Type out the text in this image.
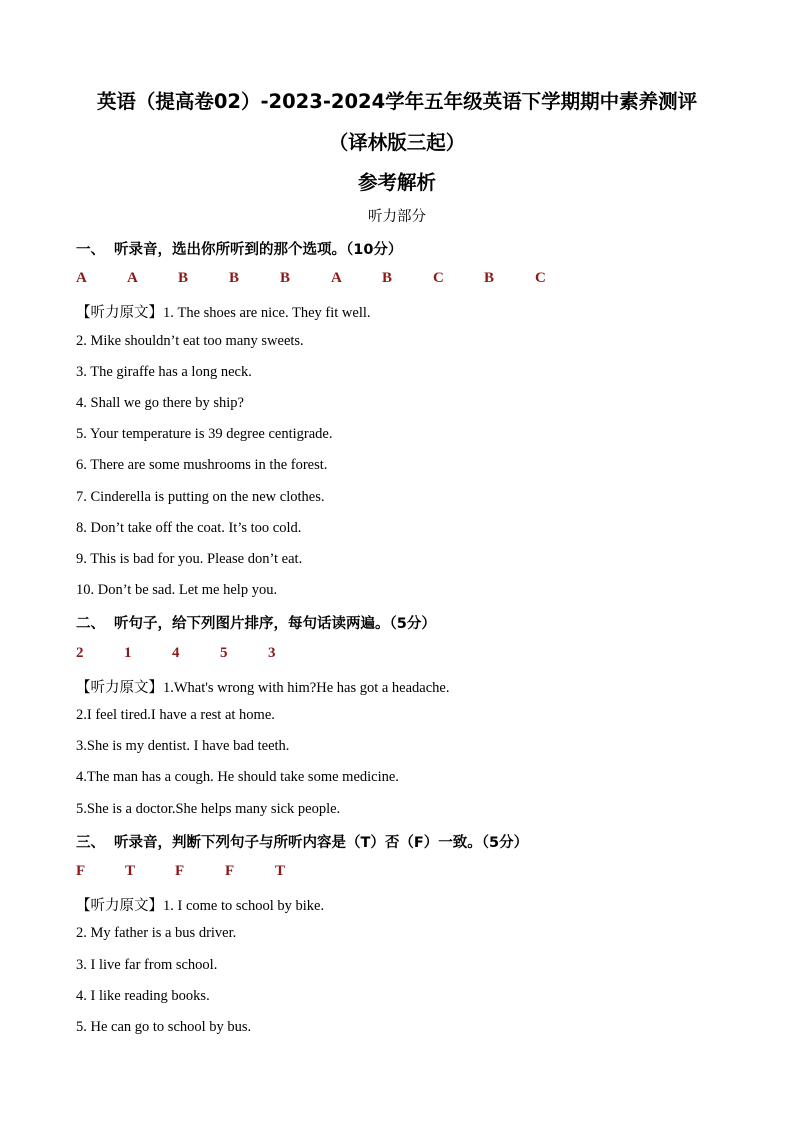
英语（提高卷02）-2023-2024学年五年级英语下学期期中素养测评
（译林版三起）
参考解析
听力部分
一、 听录音，选出你所听到的那个选项。（10分）
A	A	B	B	B	A	B	C	B	C
【听力原文】1. The shoes are nice. They fit well.
2. Mike shouldn’t eat too many sweets.
3. The giraffe has a long neck.
4. Shall we go there by ship?
5. Your temperature is 39 degree centigrade.
6. There are some mushrooms in the forest.
7. Cinderella is putting on the new clothes.
8. Don’t take off the coat. It’s too cold.
9. This is bad for you. Please don’t eat.
10. Don’t be sad. Let me help you.
二、 听句子，给下列图片排序，每句话读两遍。（5分）
2	1	4	5	3
【听力原文】1.What's wrong with him?He has got a headache.
2.I feel tired.I have a rest at home.
3.She is my dentist. I have bad teeth.
4.The man has a cough. He should take some medicine.
5.She is a doctor.She helps many sick people.
三、 听录音，判断下列句子与所听内容是（T）否（F）一致。（5分）
F	T	F	F	T
【听力原文】1. I come to school by bike.
2. My father is a bus driver.
3. I live far from school.
4. I like reading books.
5. He can go to school by bus.
